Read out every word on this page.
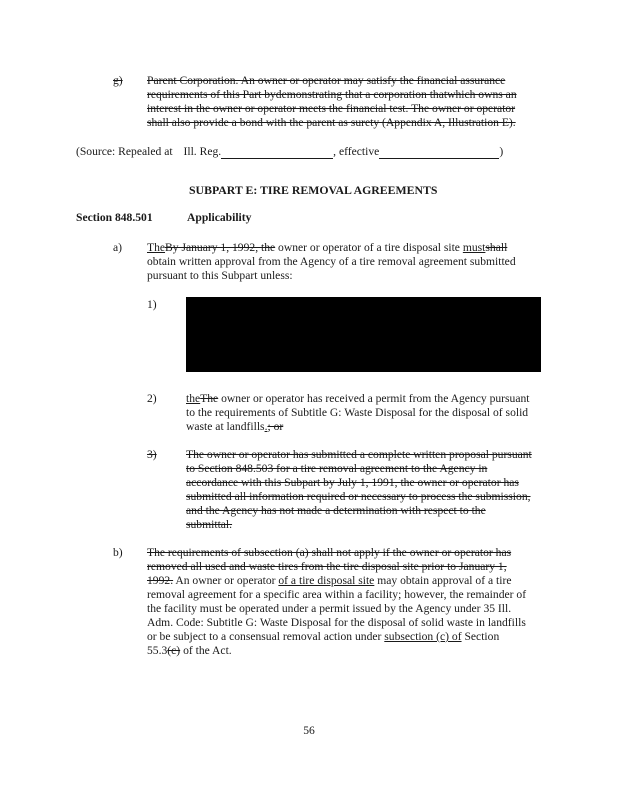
g) Parent Corporation. An owner or operator may satisfy the financial assurance
requirements of this Part bydemonstrating that a corporation thatwhich owns an
interest in the owner or operator meets the financial test. The owner or operator
shall also provide a bond with the parent as surety (Appendix A, Illustration E).
(Source: Repealed at Ill. Reg.	, effective	)
SUBPART E: TIRE REMOVAL AGREEMENTS
Section 848.501	Applicability
a) TheBy January 1, 1992, the owner or operator of a tire disposal site mustshall
obtain written approval from the Agency of a tire removal agreement submitted
pursuant to this Subpart unless:
1)
2)	theThe owner or operator has received a permit from the Agency pursuant
to the requirements of Subtitle G: Waste Disposal for the disposal of solid
waste at landfills.; or
3)	The owner or operator has submitted a complete written proposal pursuant
to Section 848.503 for a tire removal agreement to the Agency in
accordance with this Subpart by July 1, 1991, the owner or operator has
submitted all information required or necessary to process the submission,
and the Agency has not made a determination with respect to the
submittal.
b) The requirements of subsection (a) shall not apply if the owner or operator has
removed all used and waste tires from the tire disposal site prior to January 1,
1992. An owner or operator of a tire disposal site may obtain approval of a tire
removal agreement for a specific area within a facility; however, the remainder of
the facility must be operated under a permit issued by the Agency under 35 Ill.
Adm. Code: Subtitle G: Waste Disposal for the disposal of solid waste in landfills
or be subject to a consensual removal action under subsection (c) of Section
55.3(c) of the Act.
56
